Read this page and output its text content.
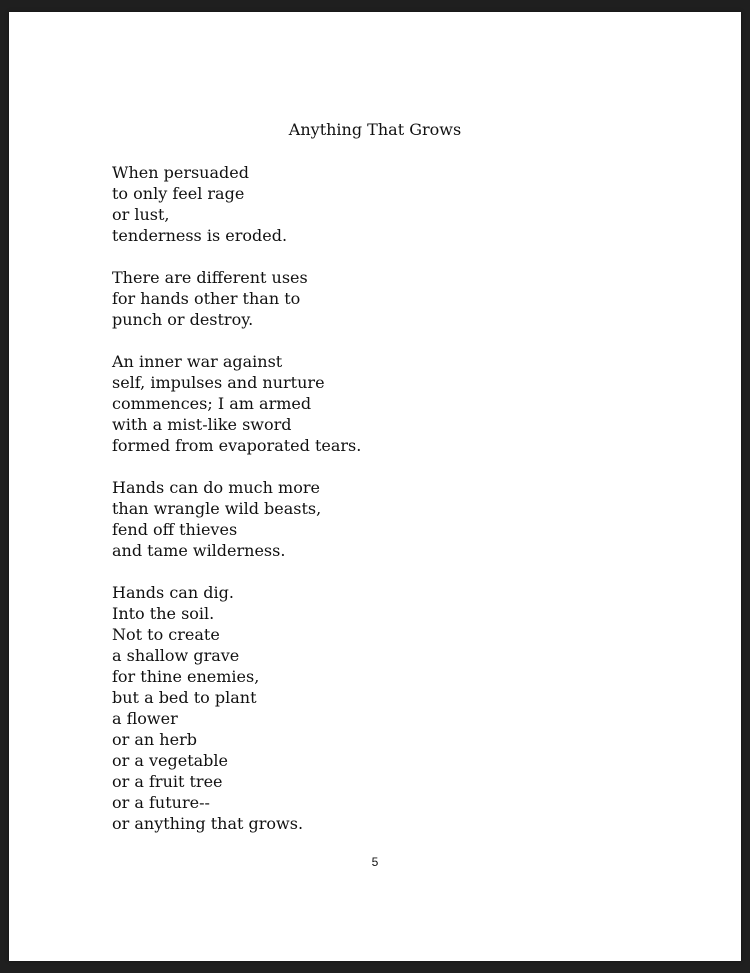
Anything That Grows
When persuaded
to only feel rage
or lust,
tenderness is eroded.
There are different uses
for hands other than to
punch or destroy.
An inner war against
self, impulses and nurture
commences; I am armed
with a mist-like sword
formed from evaporated tears.
Hands can do much more
than wrangle wild beasts,
fend off thieves
and tame wilderness.
Hands can dig.
Into the soil.
Not to create
a shallow grave
for thine enemies,
but a bed to plant
a flower
or an herb
or a vegetable
or a fruit tree
or a future--
or anything that grows.
5
